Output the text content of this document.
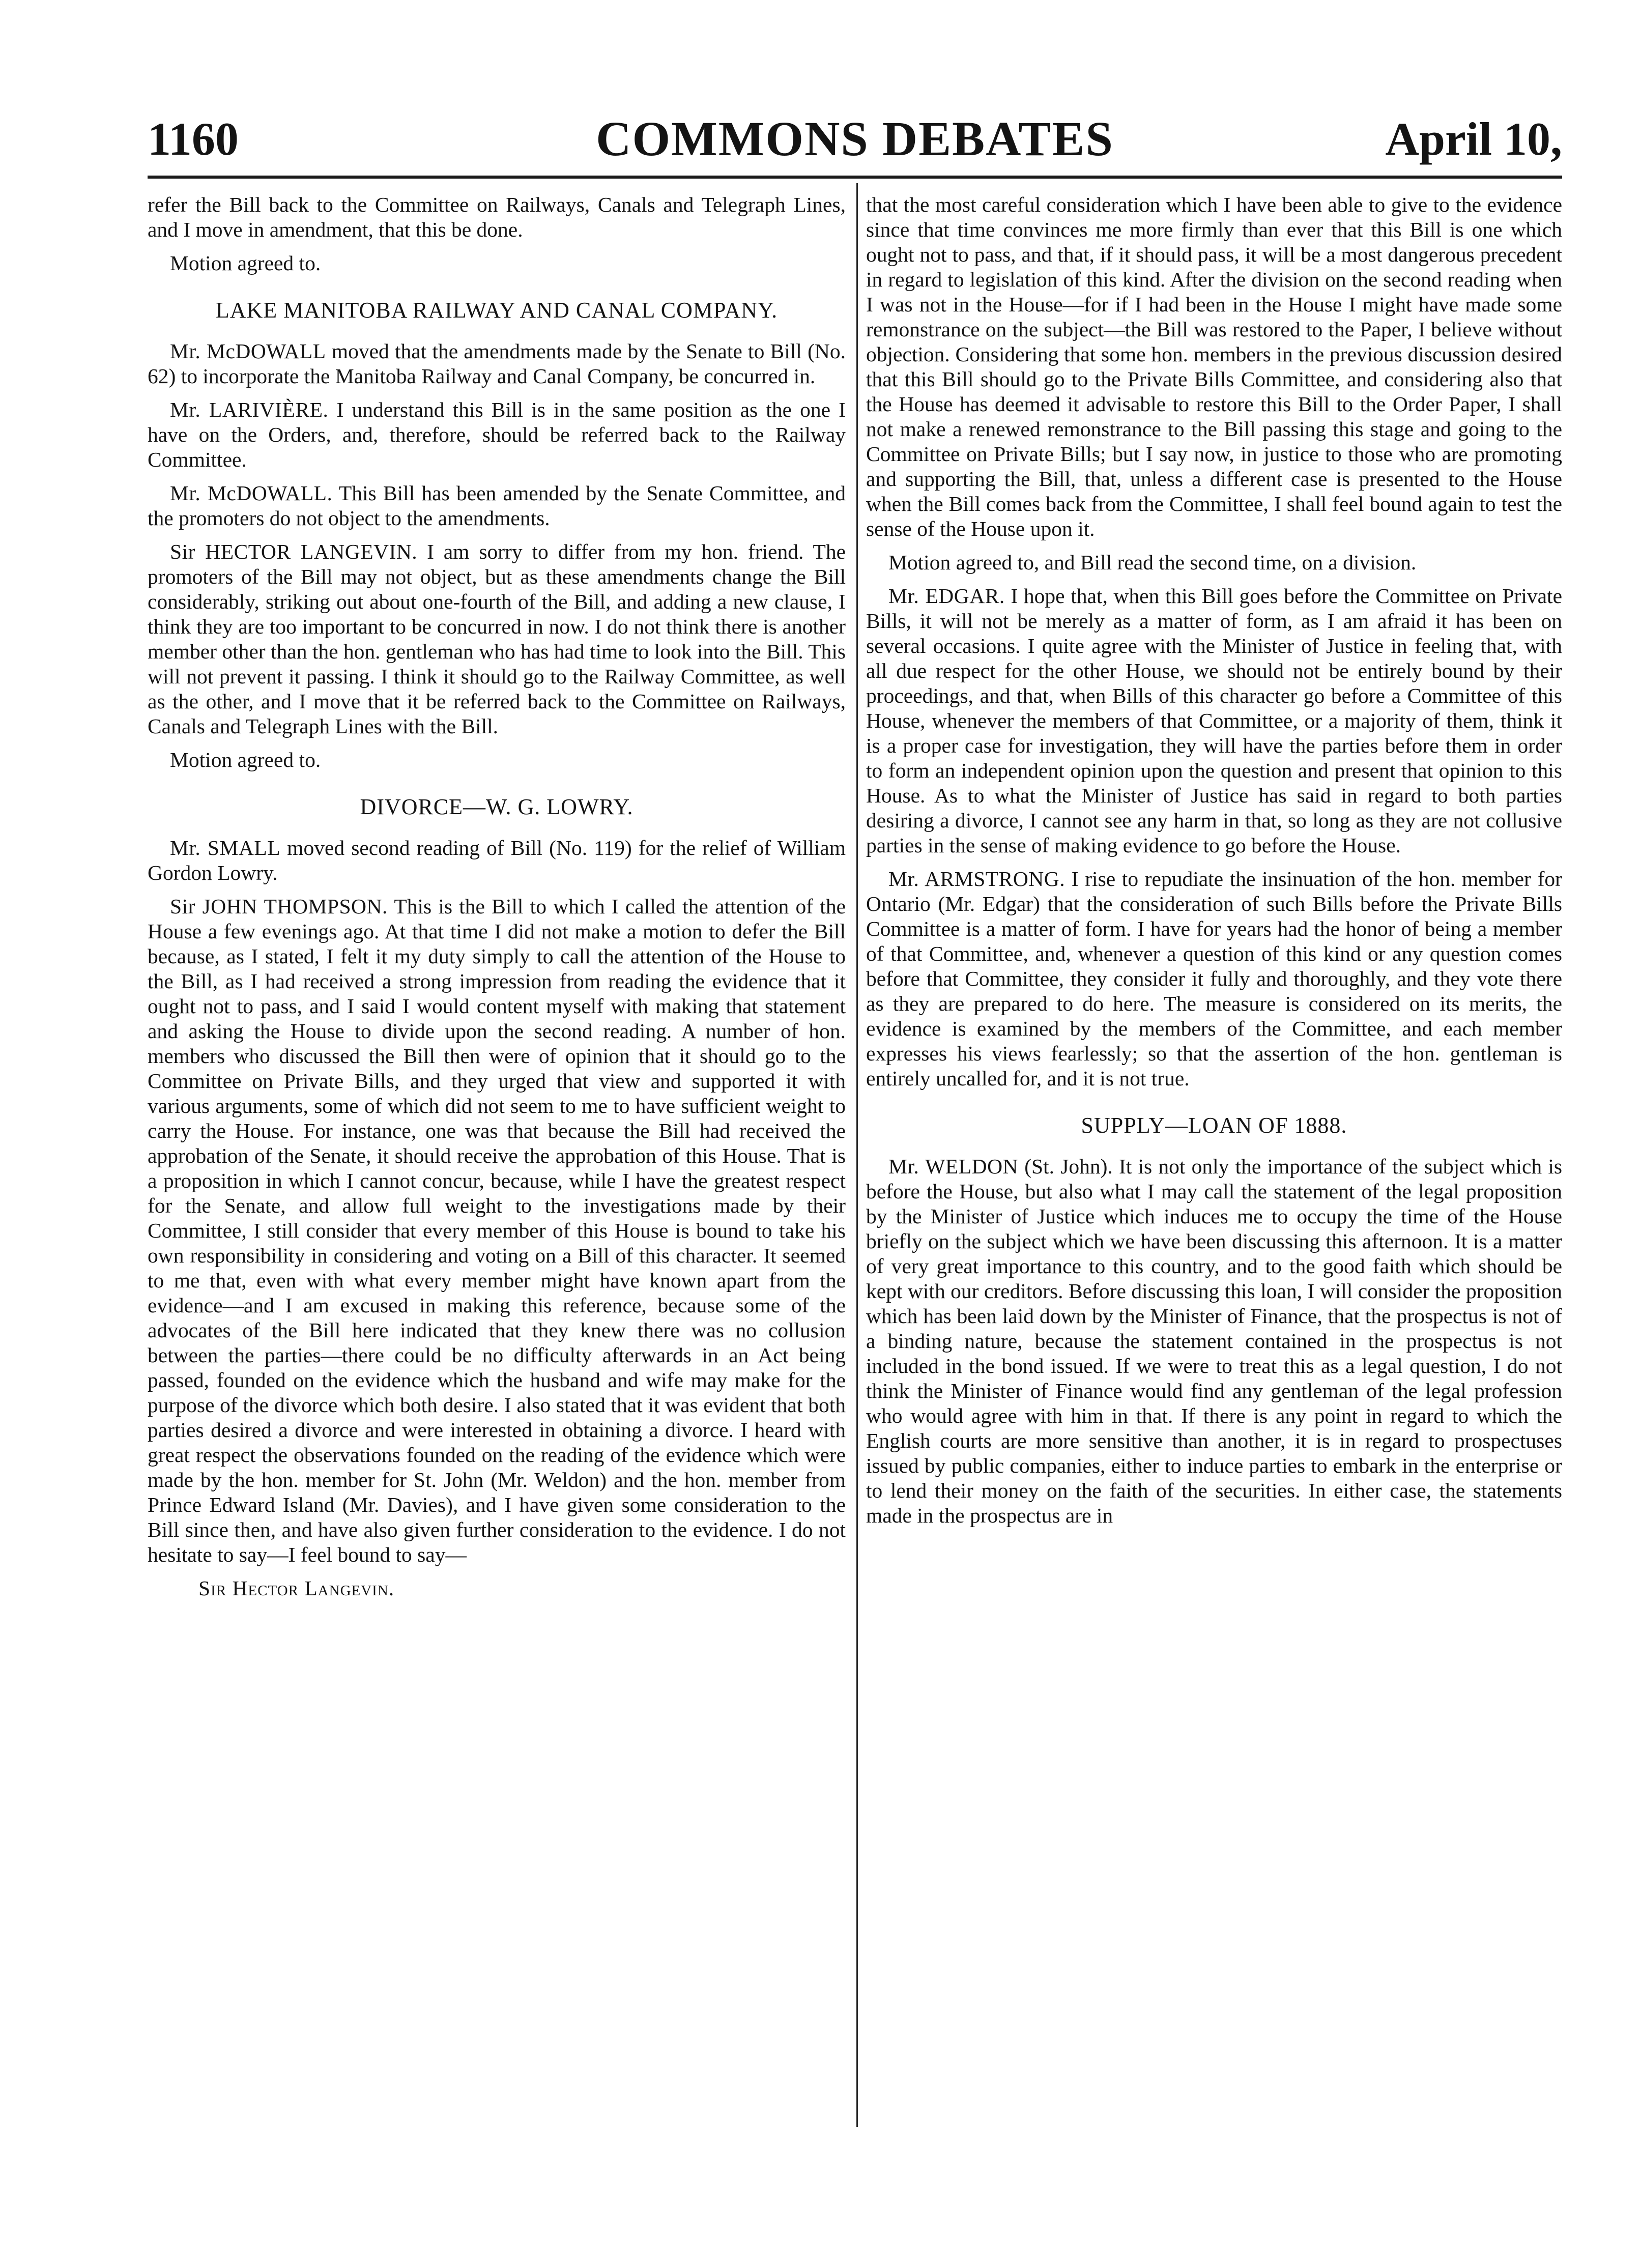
1160	COMMONS DEBATES	April 10,

refer the Bill back to the Committee on Railways, Canals and Telegraph Lines, and I move in amendment, that this be done.

Motion agreed to.

LAKE MANITOBA RAILWAY AND CANAL COMPANY.

Mr. McDOWALL moved that the amendments made by the Senate to Bill (No. 62) to incorporate the Manitoba Railway and Canal Company, be concurred in.

Mr. LARIVIÈRE. I understand this Bill is in the same position as the one I have on the Orders, and, therefore, should be referred back to the Railway Committee.

Mr. McDOWALL. This Bill has been amended by the Senate Committee, and the promoters do not object to the amendments.

Sir HECTOR LANGEVIN. I am sorry to differ from my hon. friend. The promoters of the Bill may not object, but as these amendments change the Bill considerably, striking out about one-fourth of the Bill, and adding a new clause, I think they are too important to be concurred in now. I do not think there is another member other than the hon. gentleman who has had time to look into the Bill. This will not prevent it passing. I think it should go to the Railway Committee, as well as the other, and I move that it be referred back to the Committee on Railways, Canals and Telegraph Lines with the Bill.

Motion agreed to.

DIVORCE—W. G. LOWRY.

Mr. SMALL moved second reading of Bill (No. 119) for the relief of William Gordon Lowry.

Sir JOHN THOMPSON. This is the Bill to which I called the attention of the House a few evenings ago. At that time I did not make a motion to defer the Bill because, as I stated, I felt it my duty simply to call the attention of the House to the Bill, as I had received a strong impression from reading the evidence that it ought not to pass, and I said I would content myself with making that statement and asking the House to divide upon the second reading. A number of hon. members who discussed the Bill then were of opinion that it should go to the Committee on Private Bills, and they urged that view and supported it with various arguments, some of which did not seem to me to have sufficient weight to carry the House. For instance, one was that because the Bill had received the approbation of the Senate, it should receive the approbation of this House. That is a proposition in which I cannot concur, because, while I have the greatest respect for the Senate, and allow full weight to the investigations made by their Committee, I still consider that every member of this House is bound to take his own responsibility in considering and voting on a Bill of this character. It seemed to me that, even with what every member might have known apart from the evidence—and I am excused in making this reference, because some of the advocates of the Bill here indicated that they knew there was no collusion between the parties—there could be no difficulty afterwards in an Act being passed, founded on the evidence which the husband and wife may make for the purpose of the divorce which both desire. I also stated that it was evident that both parties desired a divorce and were interested in obtaining a divorce. I heard with great respect the observations founded on the reading of the evidence which were made by the hon. member for St. John (Mr. Weldon) and the hon. member from Prince Edward Island (Mr. Davies), and I have given some consideration to the Bill since then, and have also given further consideration to the evidence. I do not hesitate to say—I feel bound to say—

Sir Hector Langevin.

that the most careful consideration which I have been able to give to the evidence since that time convinces me more firmly than ever that this Bill is one which ought not to pass, and that, if it should pass, it will be a most dangerous precedent in regard to legislation of this kind. After the division on the second reading when I was not in the House—for if I had been in the House I might have made some remonstrance on the subject—the Bill was restored to the Paper, I believe without objection. Considering that some hon. members in the previous discussion desired that this Bill should go to the Private Bills Committee, and considering also that the House has deemed it advisable to restore this Bill to the Order Paper, I shall not make a renewed remonstrance to the Bill passing this stage and going to the Committee on Private Bills; but I say now, in justice to those who are promoting and supporting the Bill, that, unless a different case is presented to the House when the Bill comes back from the Committee, I shall feel bound again to test the sense of the House upon it.

Motion agreed to, and Bill read the second time, on a division.

Mr. EDGAR. I hope that, when this Bill goes before the Committee on Private Bills, it will not be merely as a matter of form, as I am afraid it has been on several occasions. I quite agree with the Minister of Justice in feeling that, with all due respect for the other House, we should not be entirely bound by their proceedings, and that, when Bills of this character go before a Committee of this House, whenever the members of that Committee, or a majority of them, think it is a proper case for investigation, they will have the parties before them in order to form an independent opinion upon the question and present that opinion to this House. As to what the Minister of Justice has said in regard to both parties desiring a divorce, I cannot see any harm in that, so long as they are not collusive parties in the sense of making evidence to go before the House.

Mr. ARMSTRONG. I rise to repudiate the insinuation of the hon. member for Ontario (Mr. Edgar) that the consideration of such Bills before the Private Bills Committee is a matter of form. I have for years had the honor of being a member of that Committee, and, whenever a question of this kind or any question comes before that Committee, they consider it fully and thoroughly, and they vote there as they are prepared to do here. The measure is considered on its merits, the evidence is examined by the members of the Committee, and each member expresses his views fearlessly; so that the assertion of the hon. gentleman is entirely uncalled for, and it is not true.

SUPPLY—LOAN OF 1888.

Mr. WELDON (St. John). It is not only the importance of the subject which is before the House, but also what I may call the statement of the legal proposition by the Minister of Justice which induces me to occupy the time of the House briefly on the subject which we have been discussing this afternoon. It is a matter of very great importance to this country, and to the good faith which should be kept with our creditors. Before discussing this loan, I will consider the proposition which has been laid down by the Minister of Finance, that the prospectus is not of a binding nature, because the statement contained in the prospectus is not included in the bond issued. If we were to treat this as a legal question, I do not think the Minister of Finance would find any gentleman of the legal profession who would agree with him in that. If there is any point in regard to which the English courts are more sensitive than another, it is in regard to prospectuses issued by public companies, either to induce parties to embark in the enterprise or to lend their money on the faith of the securities. In either case, the statements made in the prospectus are in
